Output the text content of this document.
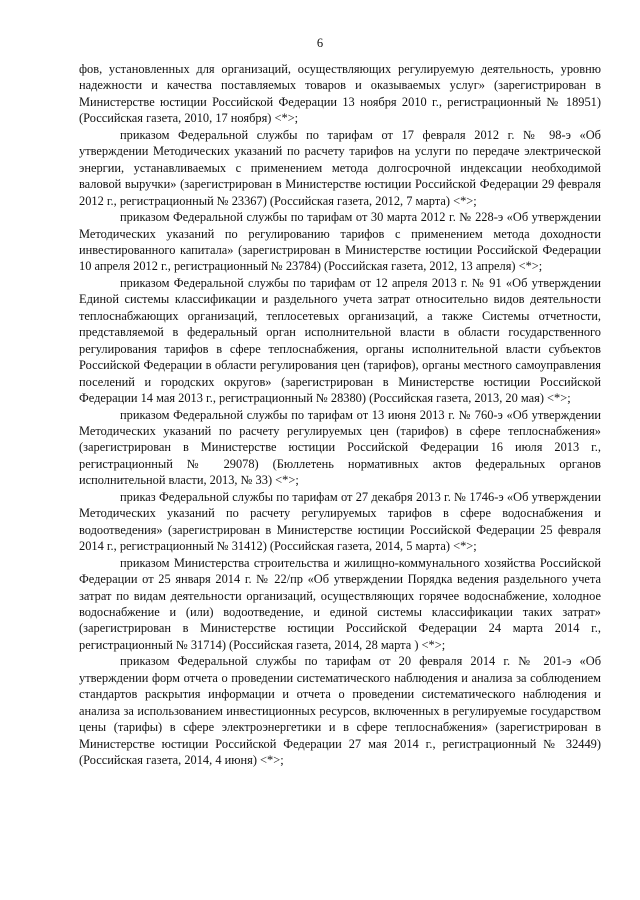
6

фов, установленных для организаций, осуществляющих регулируемую деятельность, уровню надежности и качества поставляемых товаров и оказываемых услуг» (зарегистрирован в Министерстве юстиции Российской Федерации 13 ноября 2010 г., регистрационный № 18951) (Российская газета, 2010, 17 ноября) <*>;

приказом Федеральной службы по тарифам от 17 февраля 2012 г. № 98-э «Об утверждении Методических указаний по расчету тарифов на услуги по передаче электрической энергии, устанавливаемых с применением метода долгосрочной индексации необходимой валовой выручки» (зарегистрирован в Министерстве юстиции Российской Федерации 29 февраля 2012 г., регистрационный № 23367) (Российская газета, 2012, 7 марта) <*>;

приказом Федеральной службы по тарифам от 30 марта 2012 г. № 228-э «Об утверждении Методических указаний по регулированию тарифов с применением метода доходности инвестированного капитала» (зарегистрирован в Министерстве юстиции Российской Федерации 10 апреля 2012 г., регистрационный № 23784) (Российская газета, 2012, 13 апреля) <*>;

приказом Федеральной службы по тарифам от 12 апреля 2013 г. № 91 «Об утверждении Единой системы классификации и раздельного учета затрат относительно видов деятельности теплоснабжающих организаций, теплосетевых организаций, а также Системы отчетности, представляемой в федеральный орган исполнительной власти в области государственного регулирования тарифов в сфере теплоснабжения, органы исполнительной власти субъектов Российской Федерации в области регулирования цен (тарифов), органы местного самоуправления поселений и городских округов» (зарегистрирован в Министерстве юстиции Российской Федерации 14 мая 2013 г., регистрационный № 28380) (Российская газета, 2013, 20 мая) <*>;

приказом Федеральной службы по тарифам от 13 июня 2013 г. № 760-э «Об утверждении Методических указаний по расчету регулируемых цен (тарифов) в сфере теплоснабжения» (зарегистрирован в Министерстве юстиции Российской Федерации 16 июля 2013 г., регистрационный № 29078) (Бюллетень нормативных актов федеральных органов исполнительной власти, 2013, № 33) <*>;

приказ Федеральной службы по тарифам от 27 декабря 2013 г. № 1746-э «Об утверждении Методических указаний по расчету регулируемых тарифов в сфере водоснабжения и водоотведения» (зарегистрирован в Министерстве юстиции Российской Федерации 25 февраля 2014 г., регистрационный № 31412) (Российская газета, 2014, 5 марта) <*>;

приказом Министерства строительства и жилищно-коммунального хозяйства Российской Федерации от 25 января 2014 г. № 22/пр «Об утверждении Порядка ведения раздельного учета затрат по видам деятельности организаций, осуществляющих горячее водоснабжение, холодное водоснабжение и (или) водоотведение, и единой системы классификации таких затрат» (зарегистрирован в Министерстве юстиции Российской Федерации 24 марта 2014 г., регистрационный № 31714) (Российская газета, 2014, 28 марта ) <*>;

приказом Федеральной службы по тарифам от 20 февраля 2014 г. № 201-э «Об утверждении форм отчета о проведении систематического наблюдения и анализа за соблюдением стандартов раскрытия информации и отчета о проведении систематического наблюдения и анализа за использованием инвестиционных ресурсов, включенных в регулируемые государством цены (тарифы) в сфере электроэнергетики и в сфере теплоснабжения» (зарегистрирован в Министерстве юстиции Российской Федерации 27 мая 2014 г., регистрационный № 32449) (Российская газета, 2014, 4 июня) <*>;
